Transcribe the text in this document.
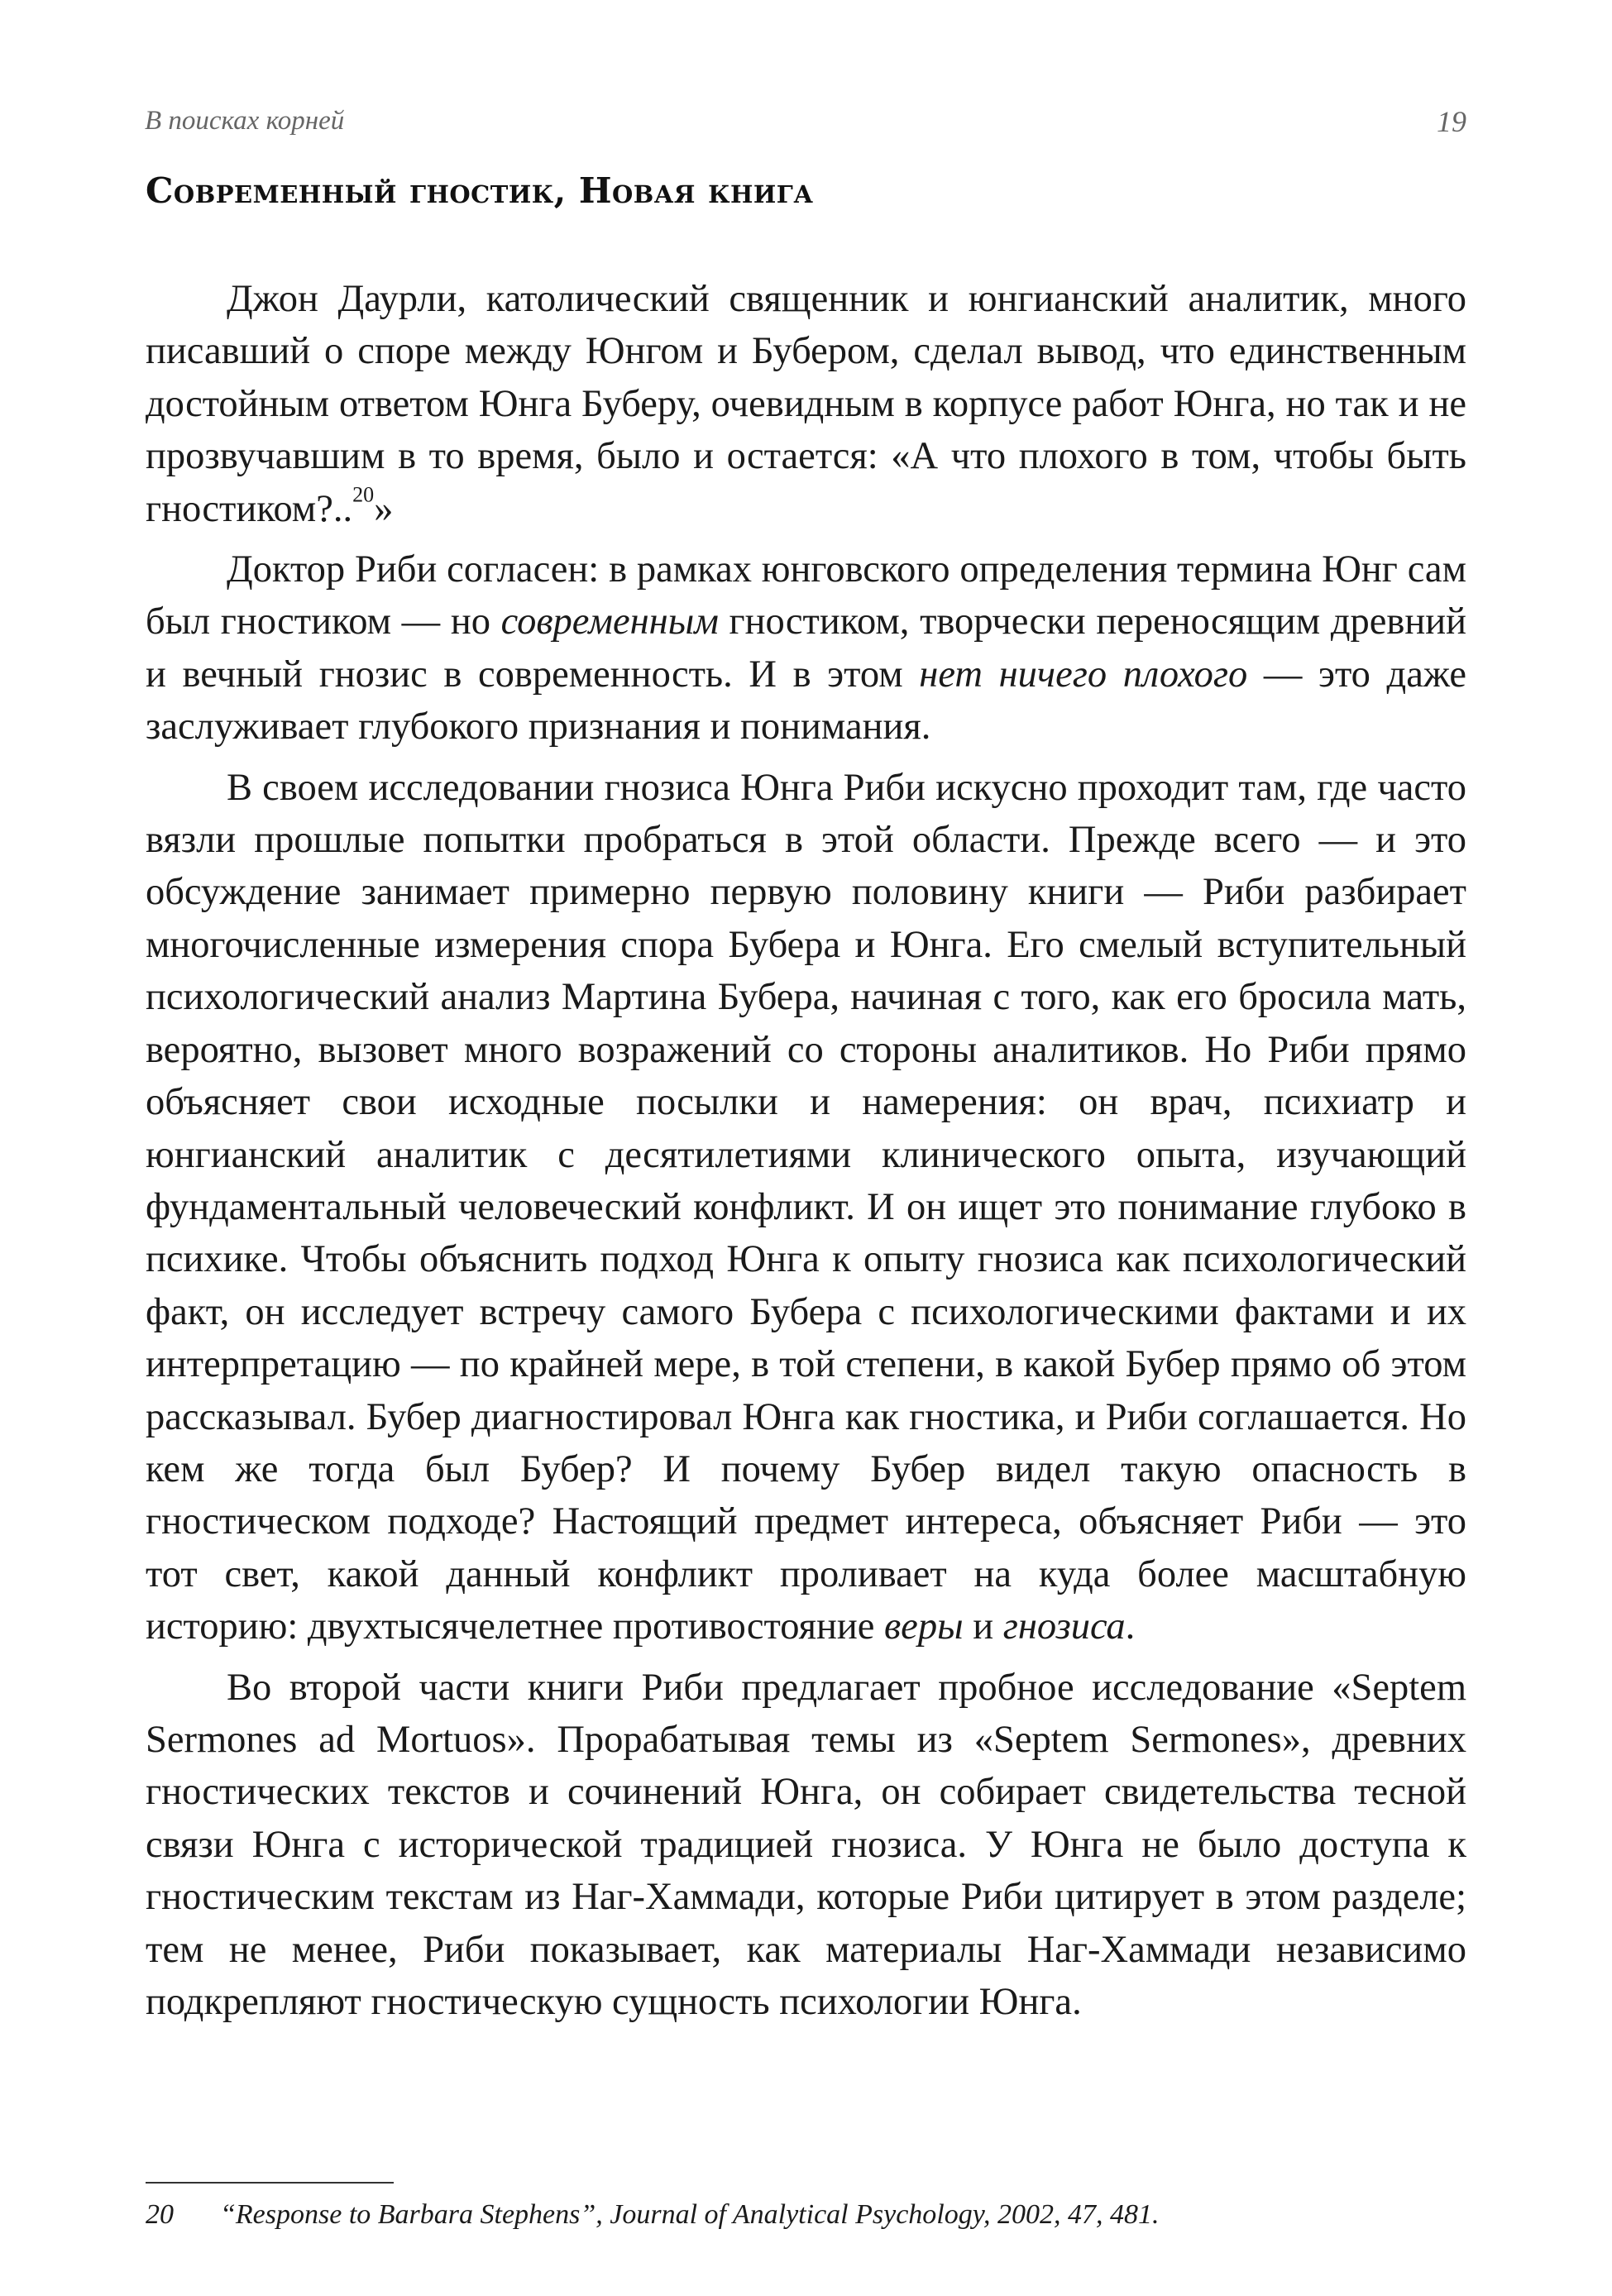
В поисках корней	19
Современный гностик, Новая книга

Джон Даурли, католический священник и юнгианский аналитик, много писавший о споре между Юнгом и Бубером, сделал вывод, что единственным достойным ответом Юнга Буберу, очевидным в корпусе работ Юнга, но так и не прозвучавшим в то время, было и остается: «А что плохого в том, чтобы быть гностиком?..$^{20}$»

Доктор Риби согласен: в рамках юнговского определения термина Юнг сам был гностиком — но современным гностиком, творчески переносящим древний и вечный гнозис в современность. И в этом нет ничего плохого — это даже заслуживает глубокого признания и понимания.

В своем исследовании гнозиса Юнга Риби искусно проходит там, где часто вязли прошлые попытки пробраться в этой области. Прежде всего — и это обсуждение занимает примерно первую половину книги — Риби разбирает многочисленные измерения спора Бубера и Юнга. Его смелый вступительный психологический анализ Мартина Бубера, начиная с того, как его бросила мать, вероятно, вызовет много возражений со стороны аналитиков. Но Риби прямо объясняет свои исходные посылки и намерения: он врач, психиатр и юнгианский аналитик с десятилетиями клинического опыта, изучающий фундаментальный человеческий конфликт. И он ищет это понимание глубоко в психике. Чтобы объяснить подход Юнга к опыту гнозиса как психологический факт, он исследует встречу самого Бубера с психологическими фактами и их интерпретацию — по крайней мере, в той степени, в какой Бубер прямо об этом рассказывал. Бубер диагностировал Юнга как гностика, и Риби соглашается. Но кем же тогда был Бубер? И почему Бубер видел такую опасность в гностическом подходе? Настоящий предмет интереса, объясняет Риби — это тот свет, какой данный конфликт проливает на куда более масштабную историю: двухтысячелетнее противостояние веры и гнозиса.

Во второй части книги Риби предлагает пробное исследование «Septem Sermones ad Mortuos». Прорабатывая темы из «Septem Sermones», древних гностических текстов и сочинений Юнга, он собирает свидетельства тесной связи Юнга с исторической традицией гнозиса. У Юнга не было доступа к гностическим текстам из Наг-Хаммади, которые Риби цитирует в этом разделе; тем не менее, Риби показывает, как материалы Наг-Хаммади независимо подкрепляют гностическую сущность психологии Юнга.

20 “Response to Barbara Stephens”, Journal of Analytical Psychology, 2002, 47, 481.
